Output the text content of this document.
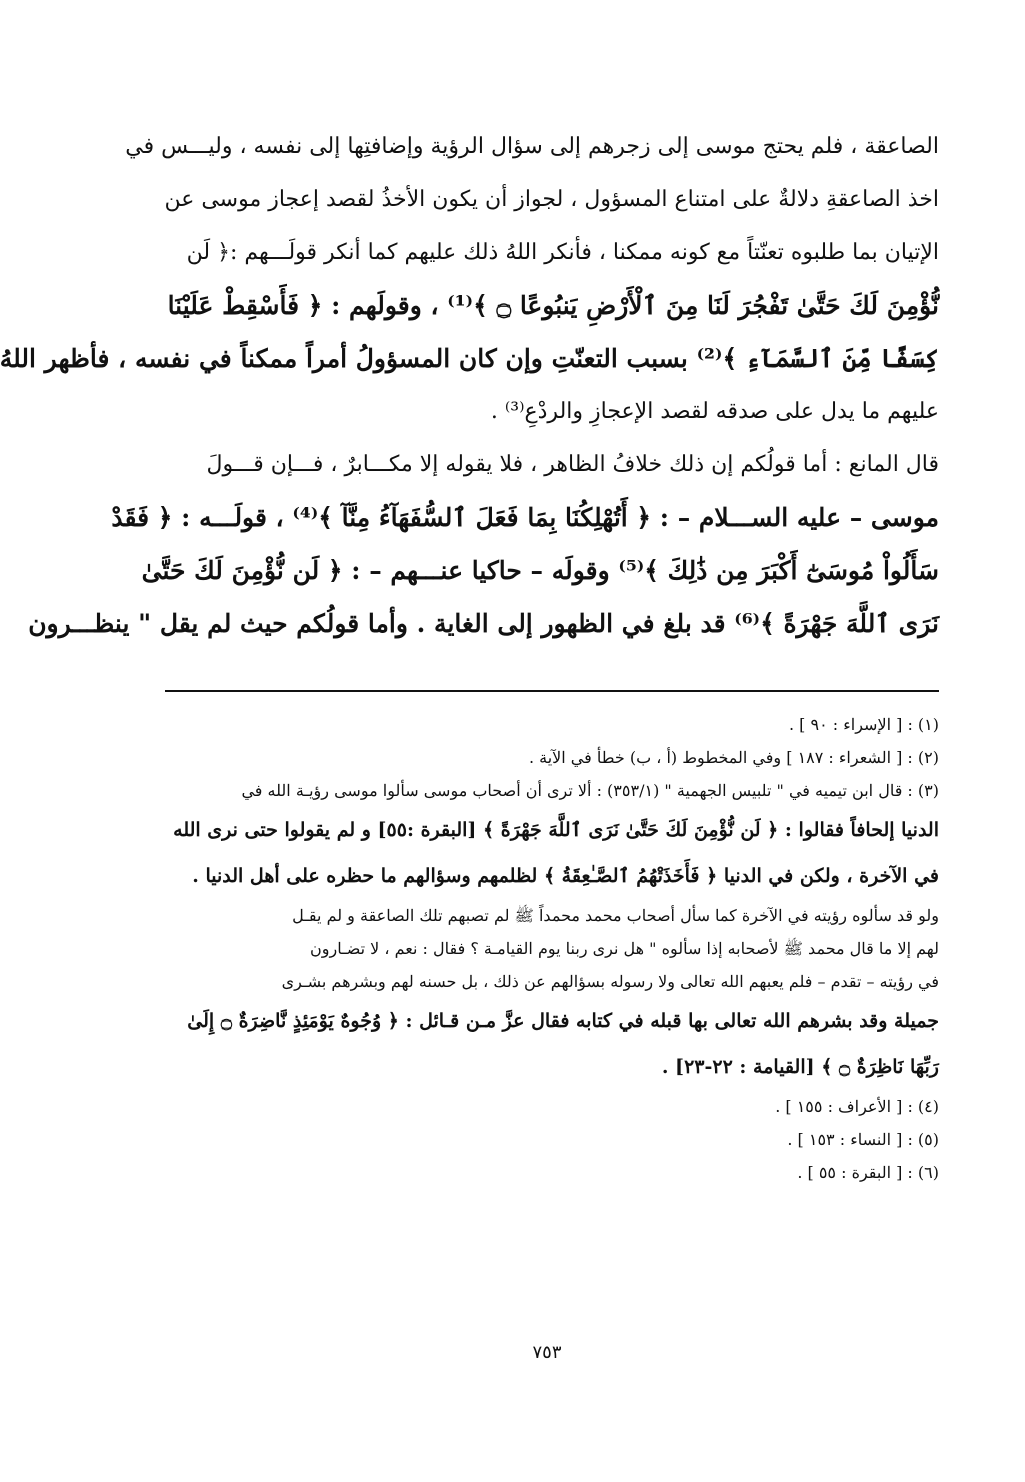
الصاعقة ، فلم يحتج موسى إلى زجرهم إلى سؤال الرؤية وإضافتِها إلى نفسه ، وليـــس في
اخذ الصاعقةِ دلالةٌ على امتناع المسؤول ، لجواز أن يكون الأخذُ لقصد إعجاز موسى عن
الإتيان بما طلبوه تعنّتاً مع كونه ممكنا ، فأنكر اللهُ ذلك عليهم كما أنكر قولَـــهم :﴿ لَن
نُّؤْمِنَ لَكَ حَتَّىٰ تَفْجُرَ لَنَا مِنَ ٱلْأَرْضِ يَنبُوعًا ۝ ﴾⁽¹⁾ ، وقولَهم : ﴿ فَأَسْقِطْ عَلَيْنَا
كِسَفًا مِّنَ ٱلسَّمَآءِ ﴾⁽²⁾ بسبب التعنّتِ وإن كان المسؤولُ أمراً ممكناً في نفسه ، فأظهر اللهُ
عليهم ما يدل على صدقه لقصد الإعجازِ والردْعِ⁽³⁾ .
قال المانع : أما قولُكم إن ذلك خلافُ الظاهر ، فلا يقوله إلا مكـــابرٌ ، فـــإن قـــولَ
موسى – عليه الســـلام – : ﴿ أَتُهْلِكُنَا بِمَا فَعَلَ ٱلسُّفَهَآءُ مِنَّآ ﴾⁽⁴⁾ ، قولَـــه : ﴿ فَقَدْ
سَأَلُواْ مُوسَىٰٓ أَكْبَرَ مِن ذَٰلِكَ ﴾⁽⁵⁾ وقولَه – حاكيا عنـــهم – : ﴿ لَن نُّؤْمِنَ لَكَ حَتَّىٰ
نَرَى ٱللَّهَ جَهْرَةً ﴾⁽⁶⁾ قد بلغ في الظهور إلى الغاية . وأما قولُكم حيث لم يقل " ينظـــرون
(١) : [ الإسراء : ٩٠ ] .
(٢) : [ الشعراء : ١٨٧ ] وفي المخطوط (أ ، ب) خطأ في الآية .
(٣) : قال ابن تيميه في " تلبيس الجهمية " (٣٥٣/١) : ألا ترى أن أصحاب موسى سألوا موسى رؤيـة الله في
الدنيا إلحافاً فقالوا : ﴿ لَن نُّؤْمِنَ لَكَ حَتَّىٰ نَرَى ٱللَّهَ جَهْرَةً ﴾ [البقرة :٥٥] و لم يقولوا حتى نرى الله
في الآخرة ، ولكن في الدنيا ﴿ فَأَخَذَتْهُمُ ٱلصَّـٰعِقَةُ ﴾ لظلمهم وسؤالهم ما حظره على أهل الدنيا .
ولو قد سألوه رؤيته في الآخرة كما سأل أصحاب محمد محمداً ﷺ لم تصبهم تلك الصاعقة و لم يقـل
لهم إلا ما قال محمد ﷺ لأصحابه إذا سألوه " هل نرى ربنا يوم القيامـة ؟ فقال : نعم ، لا تضـارون
في رؤيته – تقدم – فلم يعبهم الله تعالى ولا رسوله بسؤالهم عن ذلك ، بل حسنه لهم وبشرهم بشـرى
جميلة وقد بشرهم الله تعالى بها قبله في كتابه فقال عزَّ مـن قـائل : ﴿ وُجُوهٌ يَوْمَئِذٍ نَّاضِرَةٌ ۝ إِلَىٰ
رَبِّهَا نَاظِرَةٌ ۝ ﴾ [القيامة : ٢٢-٢٣] .
(٤) : [ الأعراف : ١٥٥ ] .
(٥) : [ النساء : ١٥٣ ] .
(٦) : [ البقرة : ٥٥ ] .
٧٥٣
